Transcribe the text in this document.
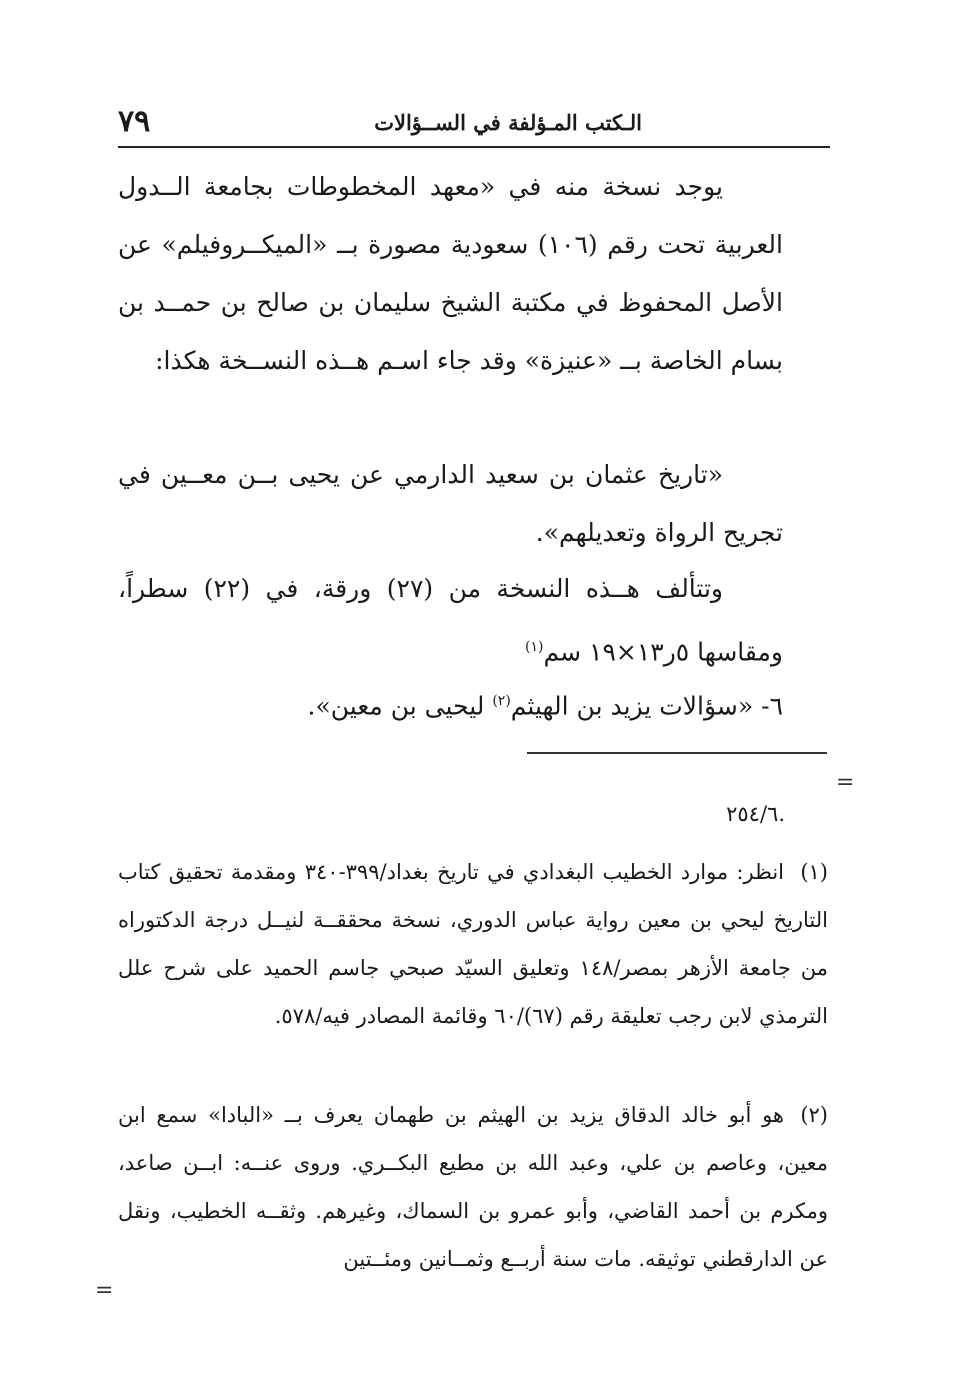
٧٩	الـكتب المـؤلفة في الســؤالات
يوجد نسخة منه في «معهد المخطوطات بجامعة الــدول العربية تحت رقم (١٠٦) سعودية مصورة بــ «الميكــروفيلم» عن الأصل المحفوظ في مكتبة الشيخ سليمان بن صالح بن حمــد بن بسام الخاصة بــ «عنيزة» وقد جاء اسـم هــذه النســخة هكذا:
«تاريخ عثمان بن سعيد الدارمي عن يحيى بــن معــين في تجريح الرواة وتعديلهم».
وتتألف هــذه النسخة من (٢٧) ورقة، في (٢٢) سطراً، ومقاسها ٥ر١٣×١٩ سم$^{(١)}$
٦- «سؤالات يزيد بن الهيثم$^{(٢)}$ ليحيى بن معين».
=
.٢٥٤/٦

(١)انظر: موارد الخطيب البغدادي في تاريخ بغداد/٣٩٩-٣٤٠ ومقدمة تحقيق كتاب التاريخ ليحي بن معين رواية عباس الدوري، نسخة محققــة لنيــل درجة الدكتوراه من جامعة الأزهر بمصر/١٤٨ وتعليق السيّد صبحي جاسم الحميد على شرح علل الترمذي لابن رجب تعليقة رقم (٦٧)/٦٠ وقائمة المصادر فيه/٥٧٨.

(٢)هو أبو خالد الدقاق يزيد بن الهيثم بن طهمان يعرف بــ «البادا» سمع ابن معين، وعاصم بن علي، وعبد الله بن مطيع البكــري. وروى عنــه: ابــن صاعد، ومكرم بن أحمد القاضي، وأبو عمرو بن السماك، وغيرهم. وثقــه الخطيب، ونقل عن الدارقطني توثيقه. مات سنة أربــع وثمــانين ومئــتين

=
